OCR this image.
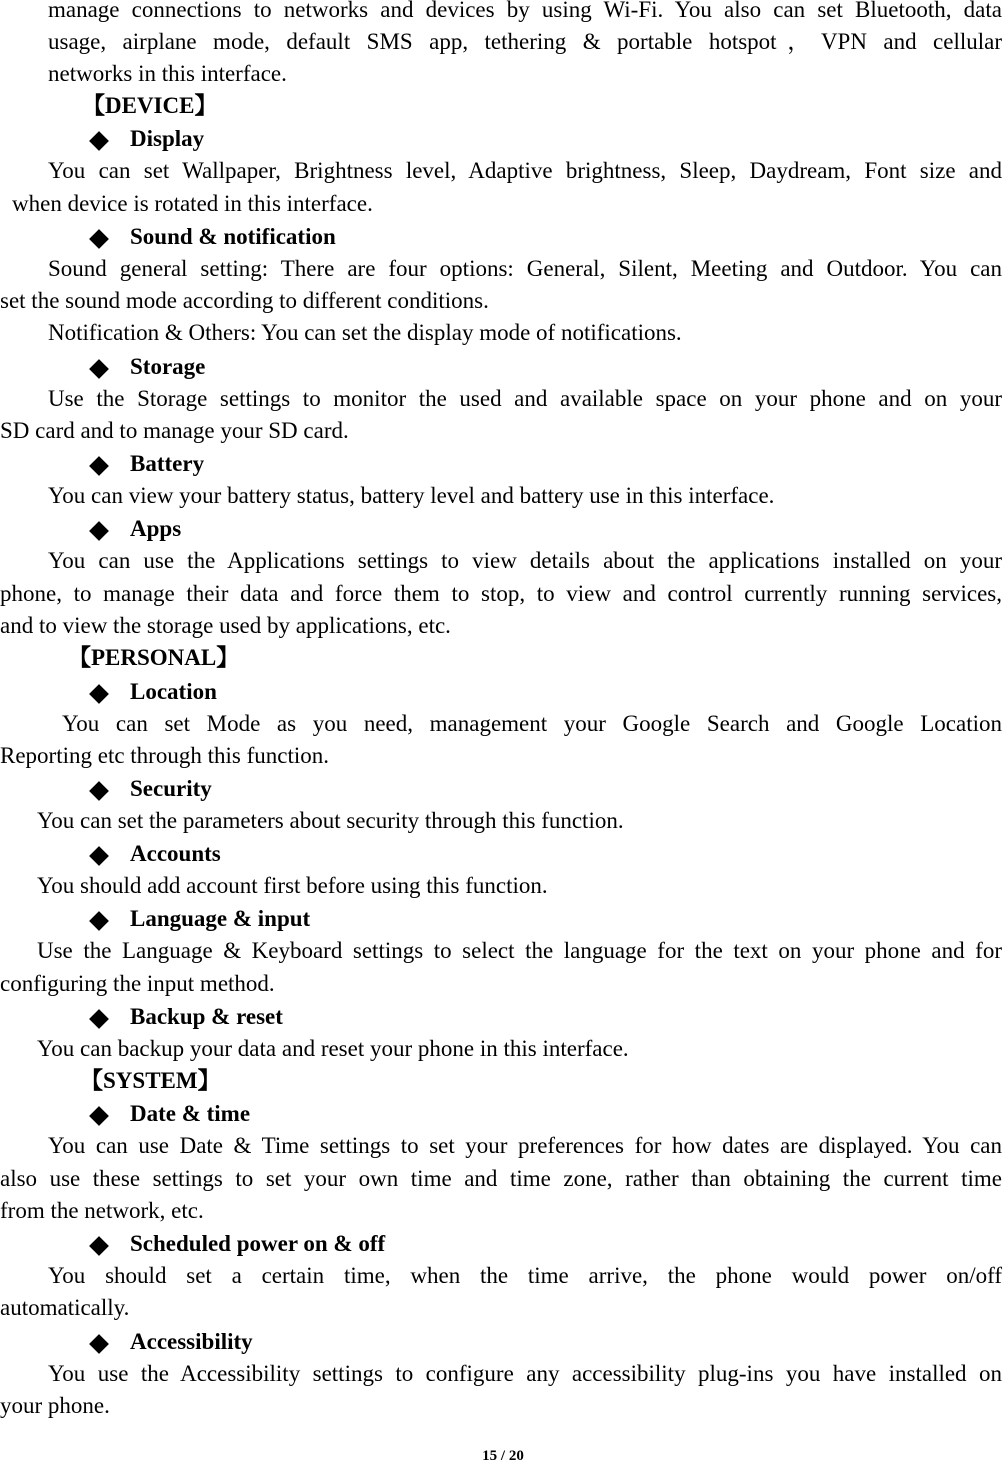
manage connections to networks and devices by using Wi-Fi. You also can set Bluetooth, data
usage, airplane mode, default SMS app, tethering & portable hotspot，VPN and cellular
networks in this interface.
【DEVICE】
Display
You can set Wallpaper, Brightness level, Adaptive brightness, Sleep, Daydream, Font size and
when device is rotated in this interface.
Sound & notification
Sound general setting: There are four options: General, Silent, Meeting and Outdoor. You can
set the sound mode according to different conditions.
Notification & Others: You can set the display mode of notifications.
Storage
Use the Storage settings to monitor the used and available space on your phone and on your
SD card and to manage your SD card.
Battery
You can view your battery status, battery level and battery use in this interface.
Apps
You can use the Applications settings to view details about the applications installed on your
phone, to manage their data and force them to stop, to view and control currently running services,
and to view the storage used by applications, etc.
【PERSONAL】
Location
You can set Mode as you need, management your Google Search and Google Location
Reporting etc through this function.
Security
You can set the parameters about security through this function.
Accounts
You should add account first before using this function.
Language & input
Use the Language & Keyboard settings to select the language for the text on your phone and for
configuring the input method.
Backup & reset
You can backup your data and reset your phone in this interface.
【SYSTEM】
Date & time
You can use Date & Time settings to set your preferences for how dates are displayed. You can
also use these settings to set your own time and time zone, rather than obtaining the current time
from the network, etc.
Scheduled power on & off
You should set a certain time, when the time arrive, the phone would power on/off
automatically.
Accessibility
You use the Accessibility settings to configure any accessibility plug-ins you have installed on
your phone.
15 / 20
